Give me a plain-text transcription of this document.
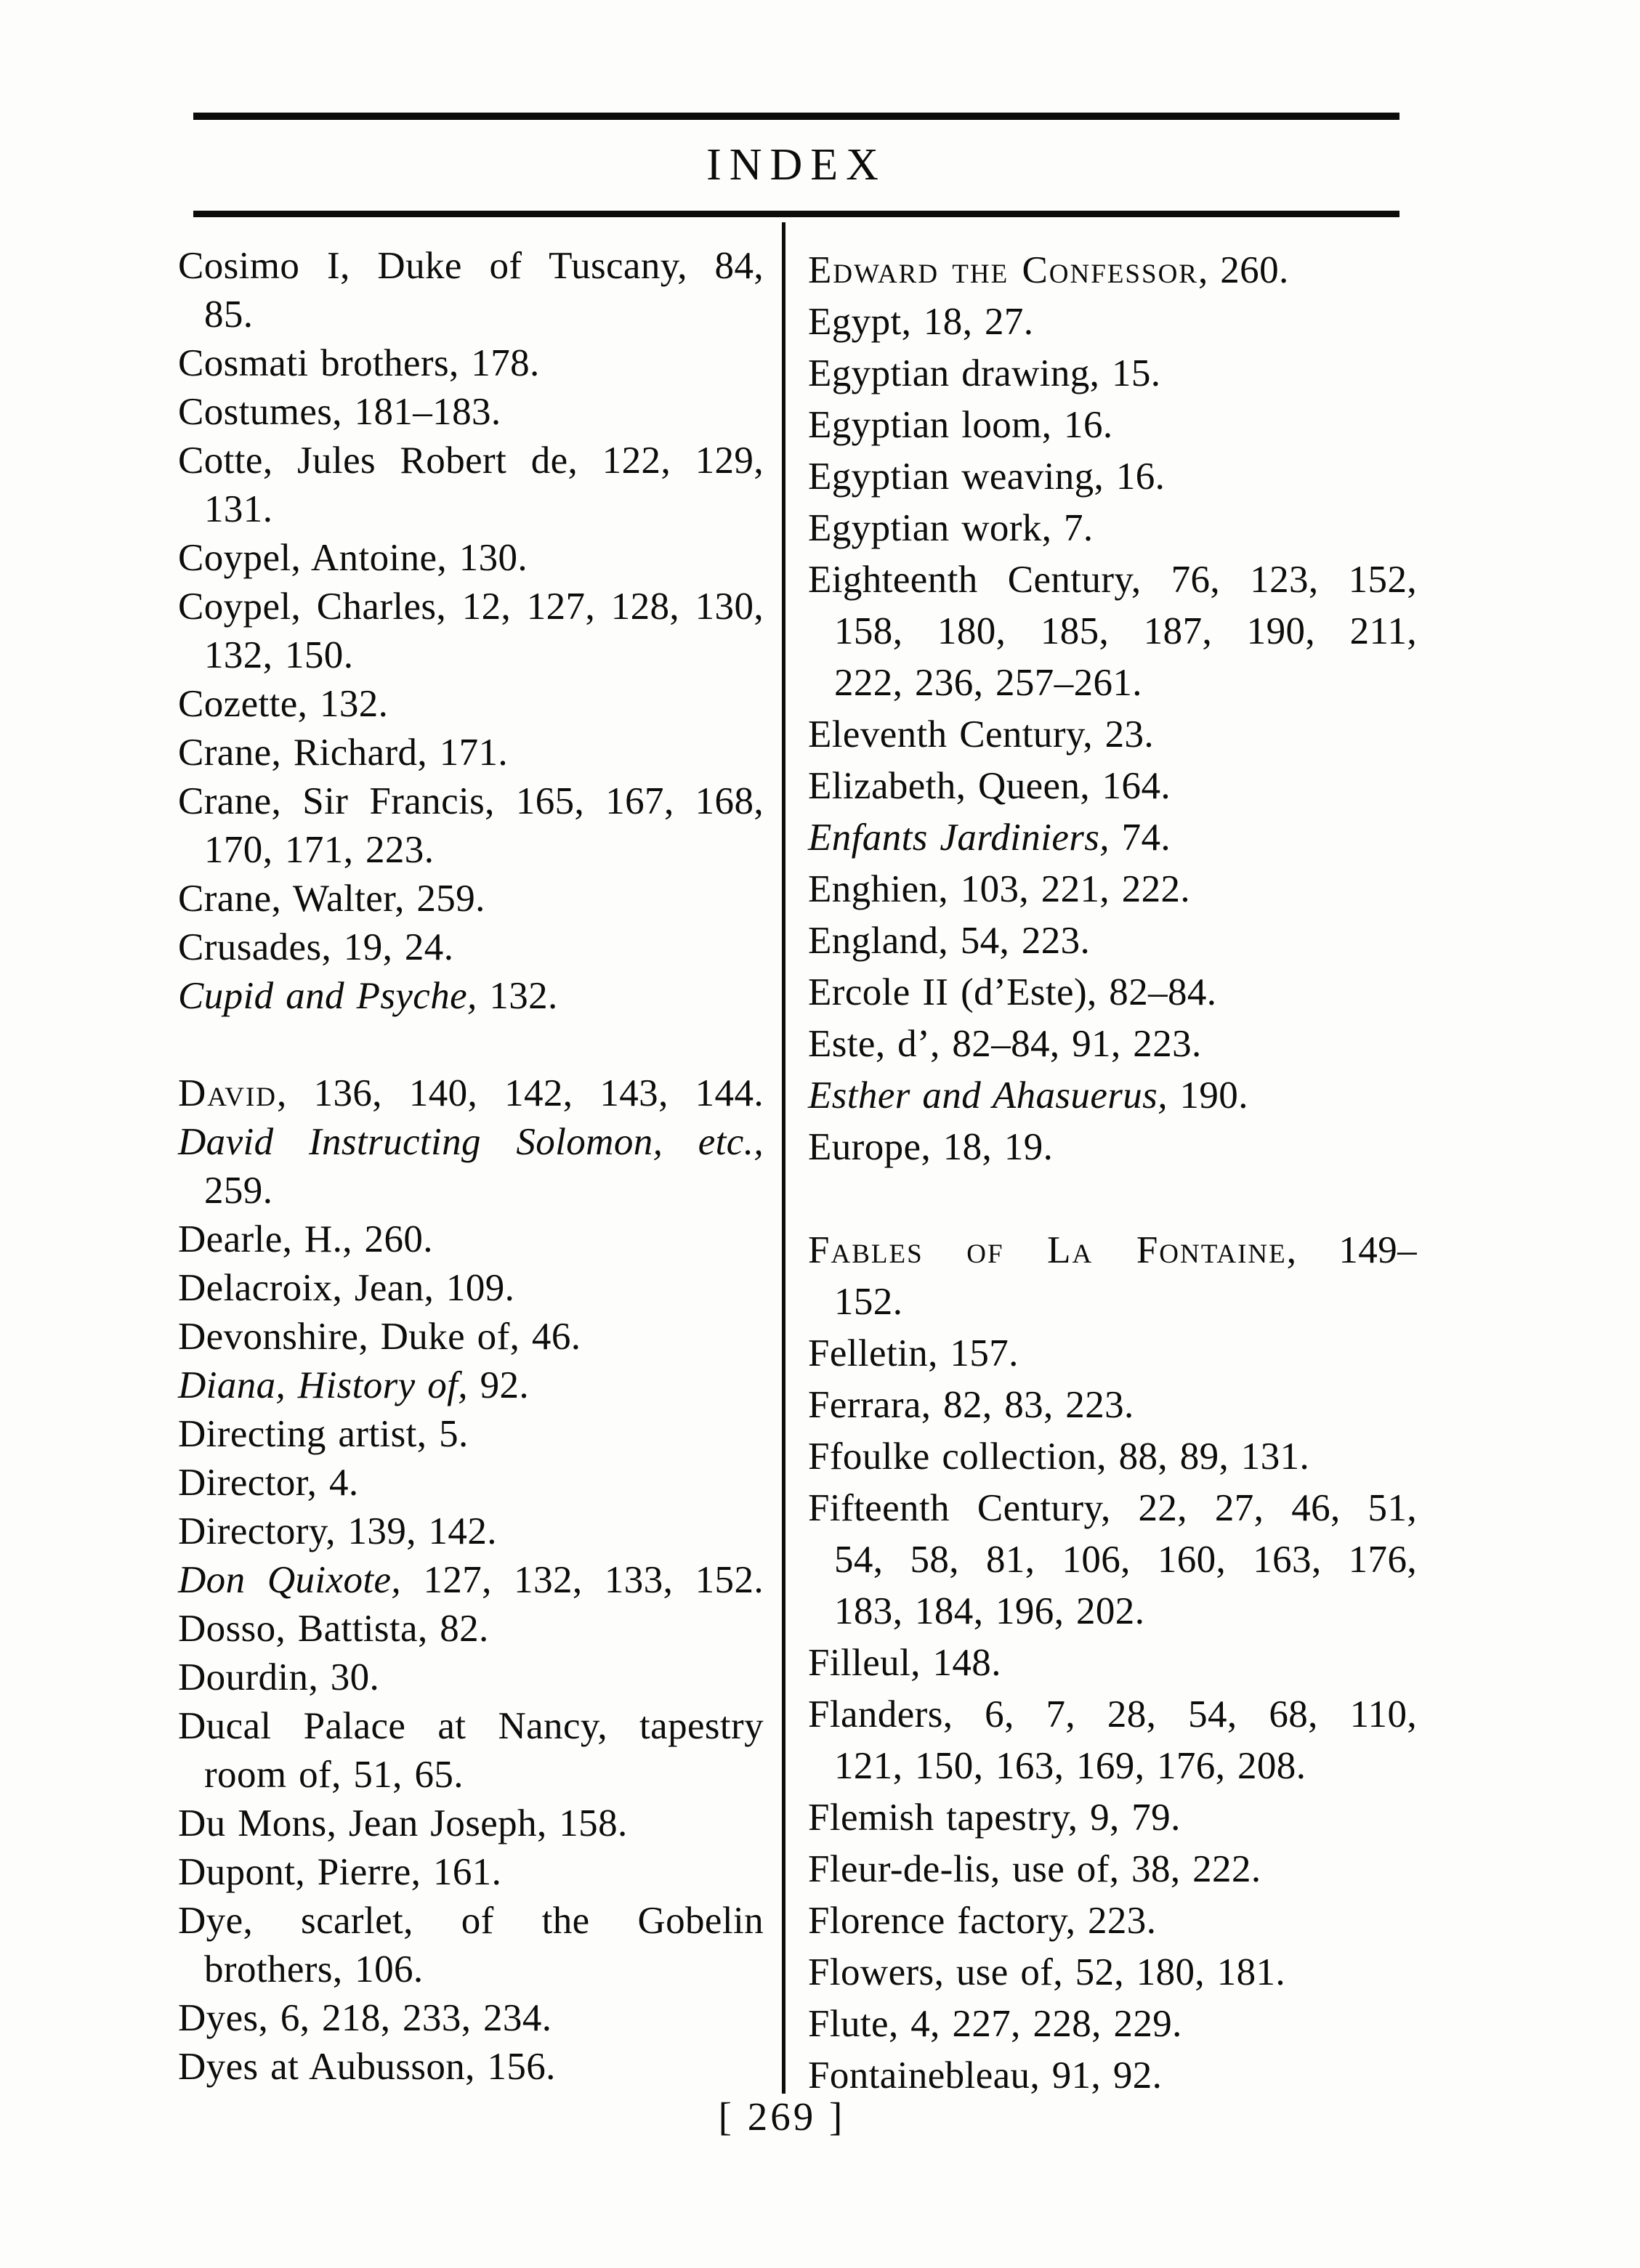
INDEX
Cosimo I, Duke of Tuscany, 84,
85.
Cosmati brothers, 178.
Costumes, 181–183.
Cotte, Jules Robert de, 122, 129,
131.
Coypel, Antoine, 130.
Coypel, Charles, 12, 127, 128, 130,
132, 150.
Cozette, 132.
Crane, Richard, 171.
Crane, Sir Francis, 165, 167, 168,
170, 171, 223.
Crane, Walter, 259.
Crusades, 19, 24.
Cupid and Psyche, 132.
David, 136, 140, 142, 143, 144.
David Instructing Solomon, etc.,
259.
Dearle, H., 260.
Delacroix, Jean, 109.
Devonshire, Duke of, 46.
Diana, History of, 92.
Directing artist, 5.
Director, 4.
Directory, 139, 142.
Don Quixote, 127, 132, 133, 152.
Dosso, Battista, 82.
Dourdin, 30.
Ducal Palace at Nancy, tapestry
room of, 51, 65.
Du Mons, Jean Joseph, 158.
Dupont, Pierre, 161.
Dye, scarlet, of the Gobelin
brothers, 106.
Dyes, 6, 218, 233, 234.
Dyes at Aubusson, 156.
Edward the Confessor, 260.
Egypt, 18, 27.
Egyptian drawing, 15.
Egyptian loom, 16.
Egyptian weaving, 16.
Egyptian work, 7.
Eighteenth Century, 76, 123, 152,
158, 180, 185, 187, 190, 211,
222, 236, 257–261.
Eleventh Century, 23.
Elizabeth, Queen, 164.
Enfants Jardiniers, 74.
Enghien, 103, 221, 222.
England, 54, 223.
Ercole II (d’Este), 82–84.
Este, d’, 82–84, 91, 223.
Esther and Ahasuerus, 190.
Europe, 18, 19.
Fables of La Fontaine, 149–
152.
Felletin, 157.
Ferrara, 82, 83, 223.
Ffoulke collection, 88, 89, 131.
Fifteenth Century, 22, 27, 46, 51,
54, 58, 81, 106, 160, 163, 176,
183, 184, 196, 202.
Filleul, 148.
Flanders, 6, 7, 28, 54, 68, 110,
121, 150, 163, 169, 176, 208.
Flemish tapestry, 9, 79.
Fleur-de-lis, use of, 38, 222.
Florence factory, 223.
Flowers, use of, 52, 180, 181.
Flute, 4, 227, 228, 229.
Fontainebleau, 91, 92.
[ 269 ]
